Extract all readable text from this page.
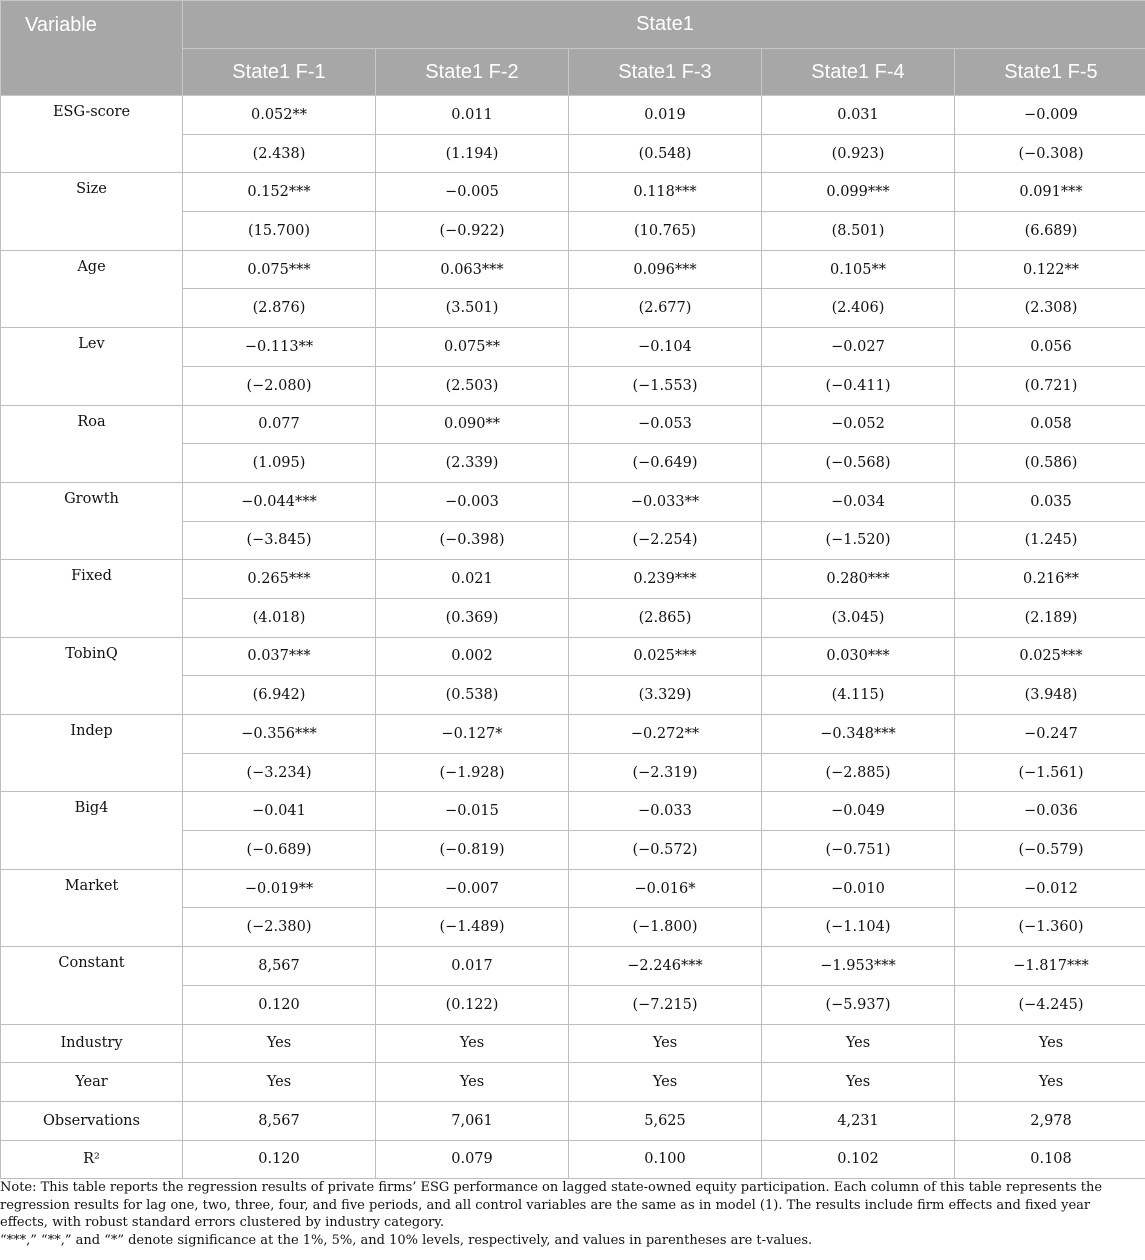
Variable	State1				
	State1 F-1	State1 F-2	State1 F-3	State1 F-4	State1 F-5
ESG-score	0.052**	0.011	0.019	0.031	−0.009
	(2.438)	(1.194)	(0.548)	(0.923)	(−0.308)
Size	0.152***	−0.005	0.118***	0.099***	0.091***
	(15.700)	(−0.922)	(10.765)	(8.501)	(6.689)
Age	0.075***	0.063***	0.096***	0.105**	0.122**
	(2.876)	(3.501)	(2.677)	(2.406)	(2.308)
Lev	−0.113**	0.075**	−0.104	−0.027	0.056
	(−2.080)	(2.503)	(−1.553)	(−0.411)	(0.721)
Roa	0.077	0.090**	−0.053	−0.052	0.058
	(1.095)	(2.339)	(−0.649)	(−0.568)	(0.586)
Growth	−0.044***	−0.003	−0.033**	−0.034	0.035
	(−3.845)	(−0.398)	(−2.254)	(−1.520)	(1.245)
Fixed	0.265***	0.021	0.239***	0.280***	0.216**
	(4.018)	(0.369)	(2.865)	(3.045)	(2.189)
TobinQ	0.037***	0.002	0.025***	0.030***	0.025***
	(6.942)	(0.538)	(3.329)	(4.115)	(3.948)
Indep	−0.356***	−0.127*	−0.272**	−0.348***	−0.247
	(−3.234)	(−1.928)	(−2.319)	(−2.885)	(−1.561)
Big4	−0.041	−0.015	−0.033	−0.049	−0.036
	(−0.689)	(−0.819)	(−0.572)	(−0.751)	(−0.579)
Market	−0.019**	−0.007	−0.016*	−0.010	−0.012
	(−2.380)	(−1.489)	(−1.800)	(−1.104)	(−1.360)
Constant	8,567	0.017	−2.246***	−1.953***	−1.817***
	0.120	(0.122)	(−7.215)	(−5.937)	(−4.245)
Industry	Yes	Yes	Yes	Yes	Yes
Year	Yes	Yes	Yes	Yes	Yes
Observations	8,567	7,061	5,625	4,231	2,978
R²	0.120	0.079	0.100	0.102	0.108

Note: This table reports the regression results of private firms’ ESG performance on lagged state-owned equity participation. Each column of this table represents the regression results for lag one, two, three, four, and five periods, and all control variables are the same as in model (1). The results include firm effects and fixed year effects, with robust standard errors clustered by industry category.

“***,” “**,” and “*” denote significance at the 1%, 5%, and 10% levels, respectively, and values in parentheses are t-values.
